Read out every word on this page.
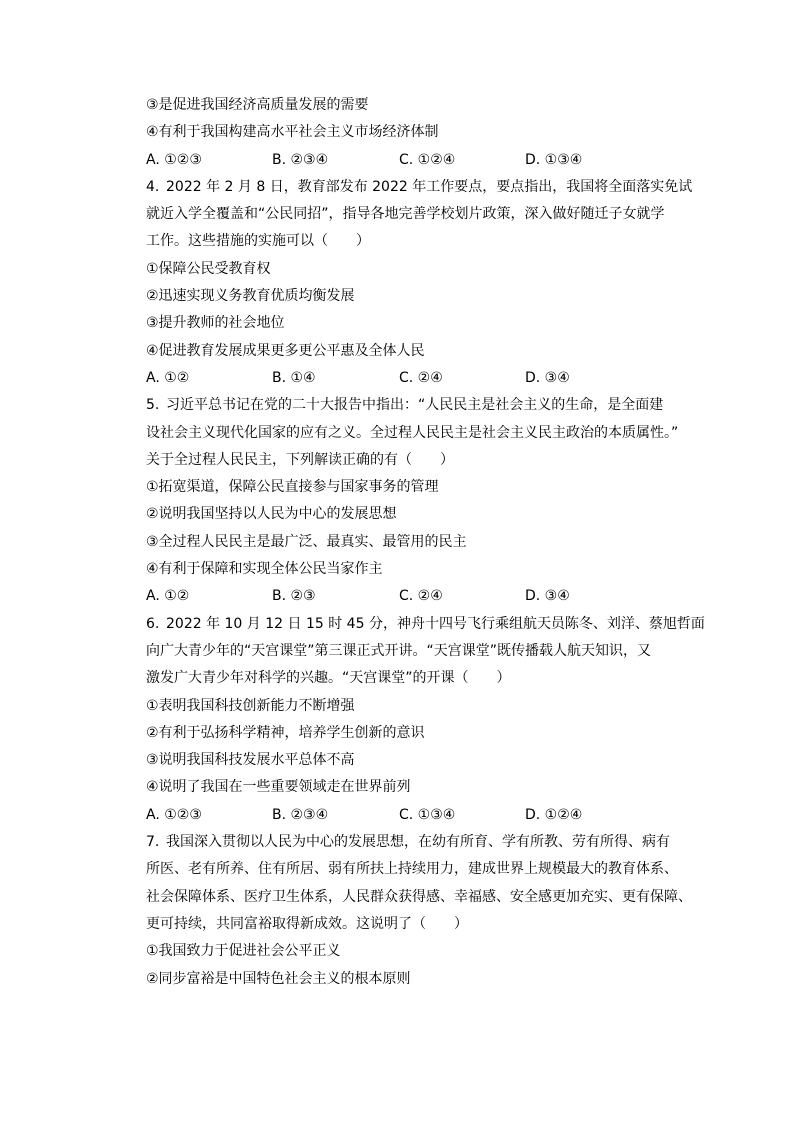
③是促进我国经济高质量发展的需要
④有利于我国构建高水平社会主义市场经济体制
A. ①②③	B. ②③④	C. ①②④	D. ①③④
4. 2022 年 2 月 8 日，教育部发布 2022 年工作要点，要点指出，我国将全面落实免试
就近入学全覆盖和“公民同招”，指导各地完善学校划片政策，深入做好随迁子女就学
工作。这些措施的实施可以（　　）
①保障公民受教育权
②迅速实现义务教育优质均衡发展
③提升教师的社会地位
④促进教育发展成果更多更公平惠及全体人民
A. ①②	B. ①④	C. ②④	D. ③④
5. 习近平总书记在党的二十大报告中指出：“人民民主是社会主义的生命，是全面建
设社会主义现代化国家的应有之义。全过程人民民主是社会主义民主政治的本质属性。”
关于全过程人民民主，下列解读正确的有（　　）
①拓宽渠道，保障公民直接参与国家事务的管理
②说明我国坚持以人民为中心的发展思想
③全过程人民民主是最广泛、最真实、最管用的民主
④有利于保障和实现全体公民当家作主
A. ①②	B. ②③	C. ②④	D. ③④
6. 2022 年 10 月 12 日 15 时 45 分，神舟十四号飞行乘组航天员陈冬、刘洋、蔡旭哲面
向广大青少年的“天宫课堂”第三课正式开讲。“天宫课堂”既传播载人航天知识，又
激发广大青少年对科学的兴趣。“天宫课堂”的开课（　　）
①表明我国科技创新能力不断增强
②有利于弘扬科学精神，培养学生创新的意识
③说明我国科技发展水平总体不高
④说明了我国在一些重要领域走在世界前列
A. ①②③	B. ②③④	C. ①③④	D. ①②④
7. 我国深入贯彻以人民为中心的发展思想，在幼有所育、学有所教、劳有所得、病有
所医、老有所养、住有所居、弱有所扶上持续用力，建成世界上规模最大的教育体系、
社会保障体系、医疗卫生体系，人民群众获得感、幸福感、安全感更加充实、更有保障、
更可持续，共同富裕取得新成效。这说明了（　　）
①我国致力于促进社会公平正义
②同步富裕是中国特色社会主义的根本原则
